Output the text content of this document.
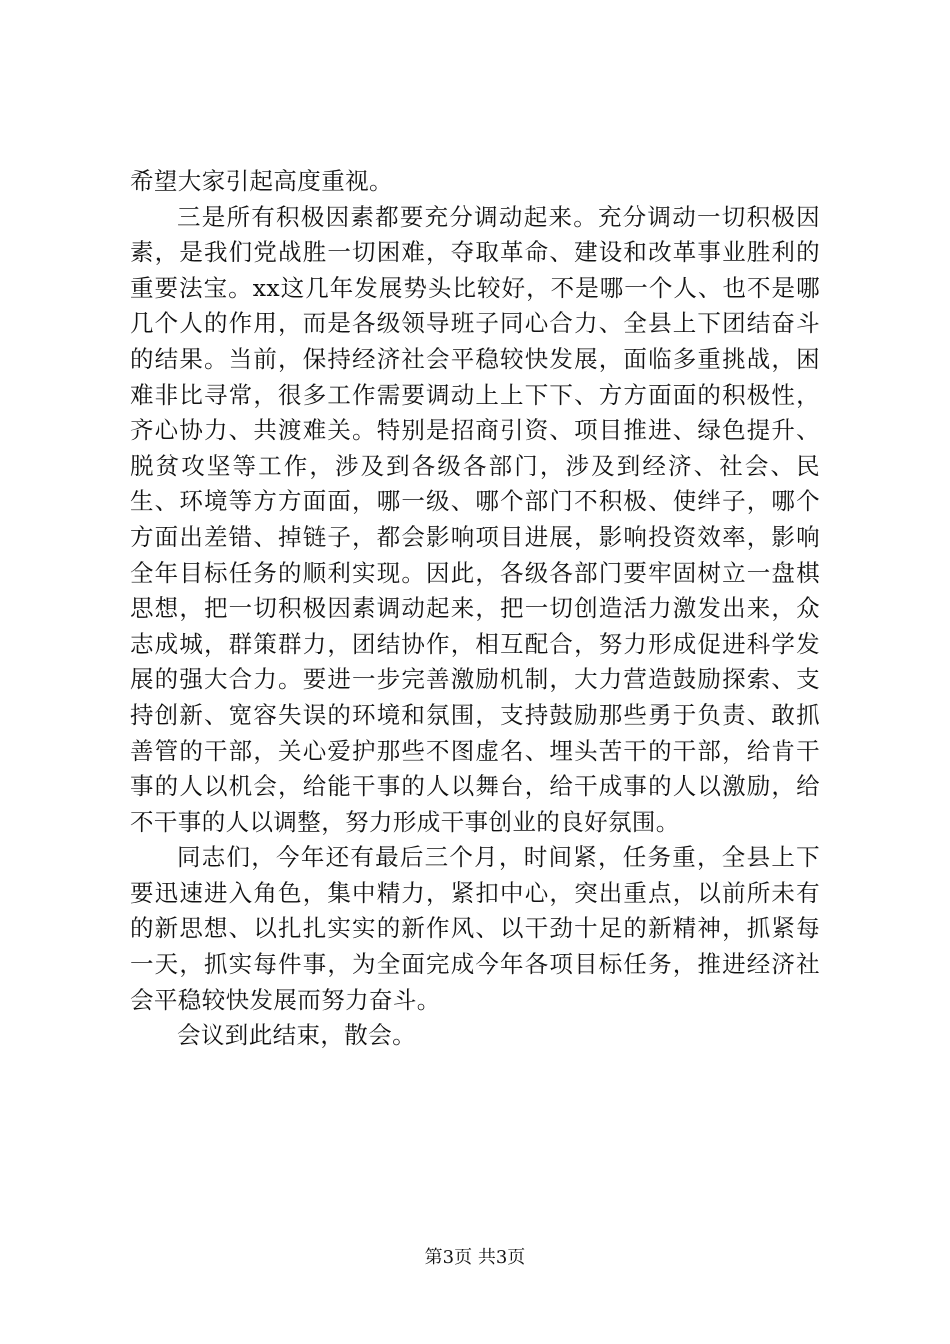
希望大家引起高度重视。

三是所有积极因素都要充分调动起来。充分调动一切积极因素，是我们党战胜一切困难，夺取革命、建设和改革事业胜利的重要法宝。xx这几年发展势头比较好，不是哪一个人、也不是哪几个人的作用，而是各级领导班子同心合力、全县上下团结奋斗的结果。当前，保持经济社会平稳较快发展，面临多重挑战，困难非比寻常，很多工作需要调动上上下下、方方面面的积极性，齐心协力、共渡难关。特别是招商引资、项目推进、绿色提升、脱贫攻坚等工作，涉及到各级各部门，涉及到经济、社会、民生、环境等方方面面，哪一级、哪个部门不积极、使绊子，哪个方面出差错、掉链子，都会影响项目进展，影响投资效率，影响全年目标任务的顺利实现。因此，各级各部门要牢固树立一盘棋思想，把一切积极因素调动起来，把一切创造活力激发出来，众志成城，群策群力，团结协作，相互配合，努力形成促进科学发展的强大合力。要进一步完善激励机制，大力营造鼓励探索、支持创新、宽容失误的环境和氛围，支持鼓励那些勇于负责、敢抓善管的干部，关心爱护那些不图虚名、埋头苦干的干部，给肯干事的人以机会，给能干事的人以舞台，给干成事的人以激励，给不干事的人以调整，努力形成干事创业的良好氛围。

同志们，今年还有最后三个月，时间紧，任务重，全县上下要迅速进入角色，集中精力，紧扣中心，突出重点，以前所未有的新思想、以扎扎实实的新作风、以干劲十足的新精神，抓紧每一天，抓实每件事，为全面完成今年各项目标任务，推进经济社会平稳较快发展而努力奋斗。

会议到此结束，散会。

第3页 共3页
